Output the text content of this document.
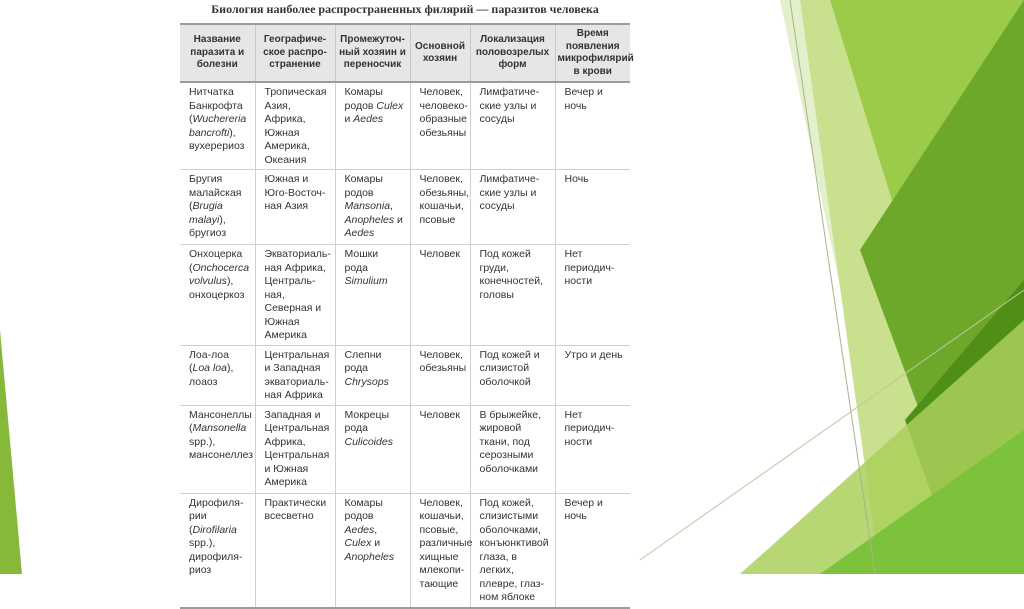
Биология наиболее распространенных филярий — паразитов человека
Название паразита и болезни	Географиче-ское распро-странение	Промежуточ-ный хозяин и переносчик	Основной хозяин	Локализация половозрелых форм	Время появления микрофилярий в крови
Нитчатка Банкрофта (Wuchereria bancrofti), вухерериоз	Тропическая Азия, Африка, Южная Америка, Океания	Комары родов Culex и Aedes	Человек, человеко-образные обезьяны	Лимфатиче-ские узлы и сосуды	Вечер и ночь
Бругия малайская (Brugia malayi), бругиоз	Южная и Юго-Восточ-ная Азия	Комары родов Mansonia, Anopheles и Aedes	Человек, обезьяны, кошачьи, псовые	Лимфатиче-ские узлы и сосуды	Ночь
Онхоцерка (Onchocerca volvulus), онхоцеркоз	Экваториаль-ная Африка, Централь-ная, Северная и Южная Америка	Мошки рода Simulium	Человек	Под кожей груди, конечностей, головы	Нет периодич-ности
Лоа-лоа (Loa loa), лоаоз	Центральная и Западная экваториаль-ная Африка	Слепни рода Chrysops	Человек, обезьяны	Под кожей и слизистой оболочкой	Утро и день
Мансонеллы (Mansonella spp.), мансонеллез	Западная и Центральная Африка, Центральная и Южная Америка	Мокрецы рода Culicoides	Человек	В брыжейке, жировой ткани, под серозными оболочками	Нет периодич-ности
Дирофиля-рии (Dirofilaria spp.), дирофиля-риоз	Практически всесветно	Комары родов Aedes, Culex и Anopheles	Человек, кошачьи, псовые, различные хищные млекопи-тающие	Под кожей, слизистыми оболочками, конъюнктивой глаза, в легких, плевре, глаз-ном яблоке	Вечер и ночь
